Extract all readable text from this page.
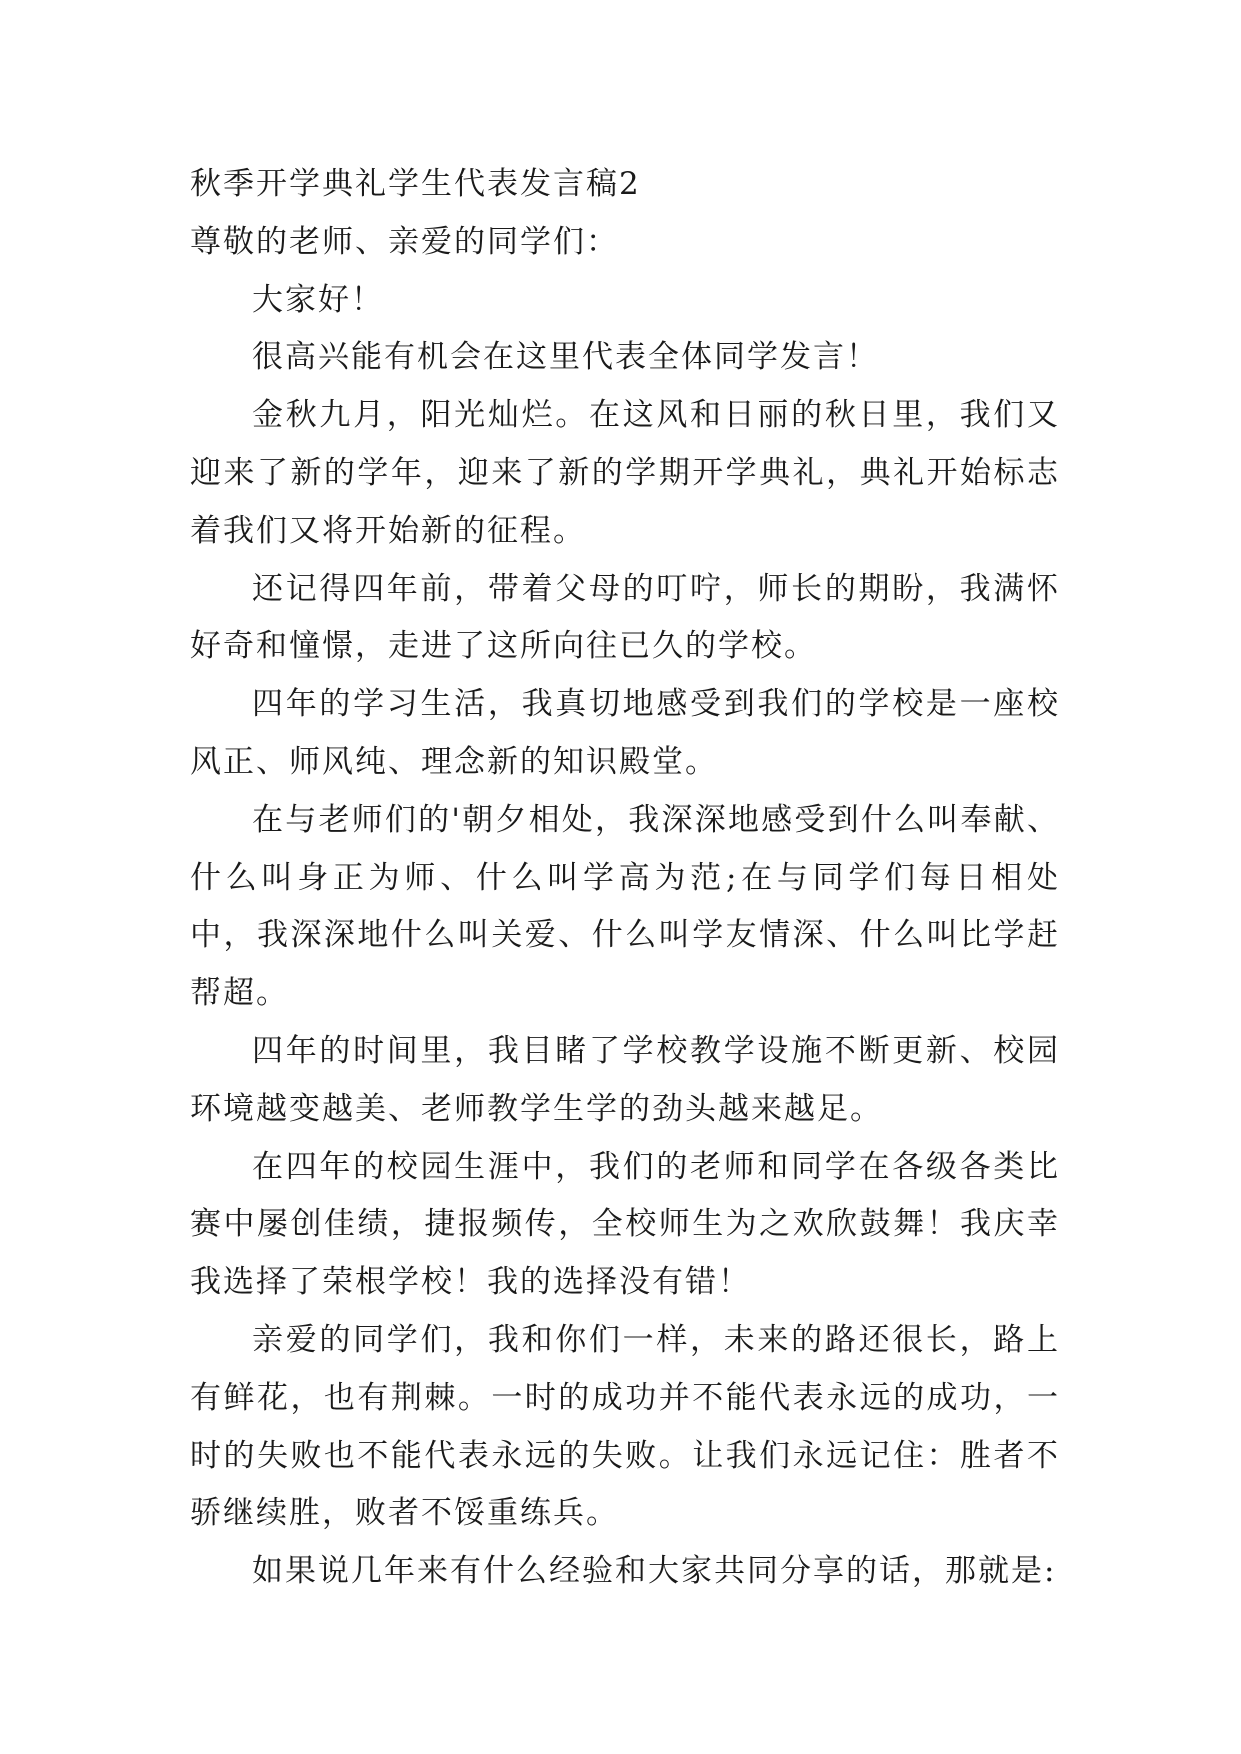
秋季开学典礼学生代表发言稿2

尊敬的老师、亲爱的同学们：

大家好！

很高兴能有机会在这里代表全体同学发言！

金秋九月，阳光灿烂。在这风和日丽的秋日里，我们又迎来了新的学年，迎来了新的学期开学典礼，典礼开始标志着我们又将开始新的征程。

还记得四年前，带着父母的叮咛，师长的期盼，我满怀好奇和憧憬，走进了这所向往已久的学校。

四年的学习生活，我真切地感受到我们的学校是一座校风正、师风纯、理念新的知识殿堂。

在与老师们的'朝夕相处，我深深地感受到什么叫奉献、什么叫身正为师、什么叫学高为范;在与同学们每日相处中，我深深地什么叫关爱、什么叫学友情深、什么叫比学赶帮超。

四年的时间里，我目睹了学校教学设施不断更新、校园环境越变越美、老师教学生学的劲头越来越足。

在四年的校园生涯中，我们的老师和同学在各级各类比赛中屡创佳绩，捷报频传，全校师生为之欢欣鼓舞！我庆幸我选择了荣根学校！我的选择没有错！

亲爱的同学们，我和你们一样，未来的路还很长，路上有鲜花，也有荆棘。一时的成功并不能代表永远的成功，一时的失败也不能代表永远的失败。让我们永远记住：胜者不骄继续胜，败者不馁重练兵。

如果说几年来有什么经验和大家共同分享的话，那就是:
